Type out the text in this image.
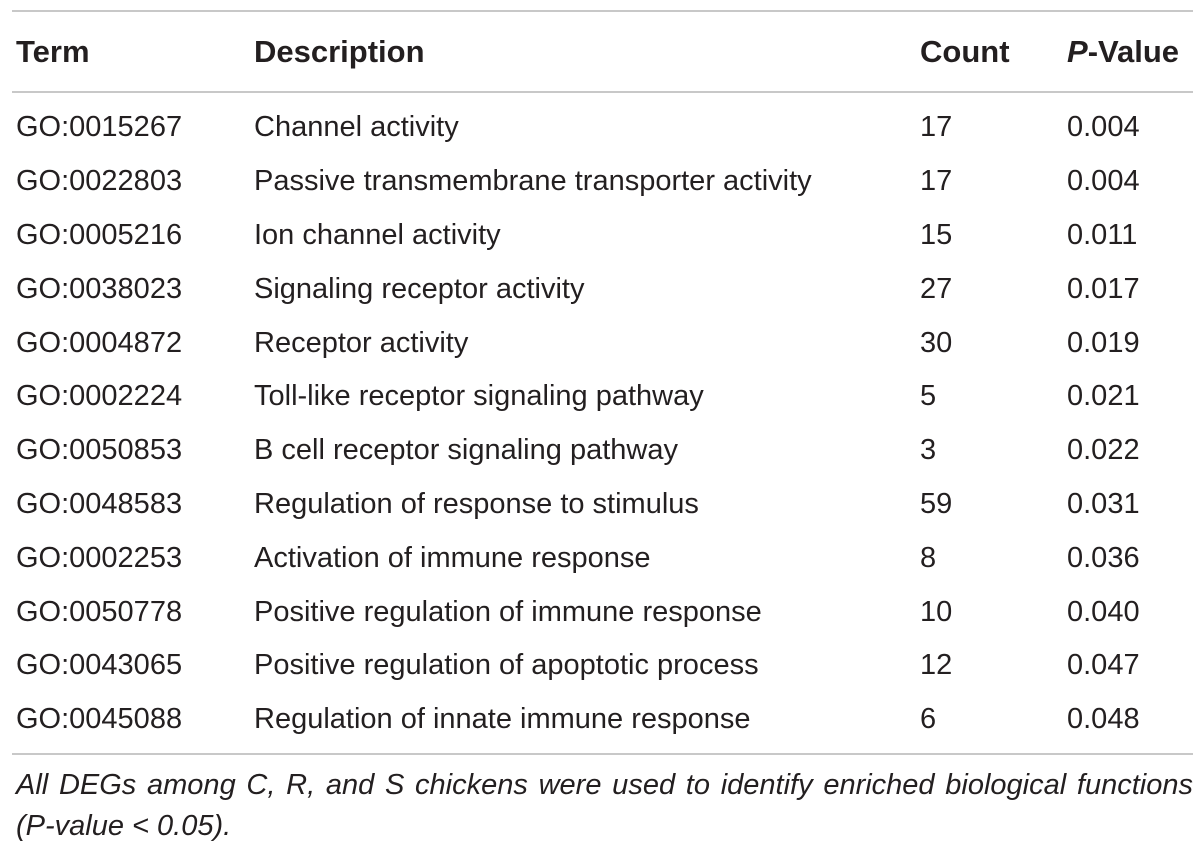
Term	Description	Count	P-Value
GO:0015267	Channel activity	17	0.004
GO:0022803	Passive transmembrane transporter activity	17	0.004
GO:0005216	Ion channel activity	15	0.011
GO:0038023	Signaling receptor activity	27	0.017
GO:0004872	Receptor activity	30	0.019
GO:0002224	Toll-like receptor signaling pathway	5	0.021
GO:0050853	B cell receptor signaling pathway	3	0.022
GO:0048583	Regulation of response to stimulus	59	0.031
GO:0002253	Activation of immune response	8	0.036
GO:0050778	Positive regulation of immune response	10	0.040
GO:0043065	Positive regulation of apoptotic process	12	0.047
GO:0045088	Regulation of innate immune response	6	0.048
All DEGs among C, R, and S chickens were used to identify enriched biological functions (P-value < 0.05).			
